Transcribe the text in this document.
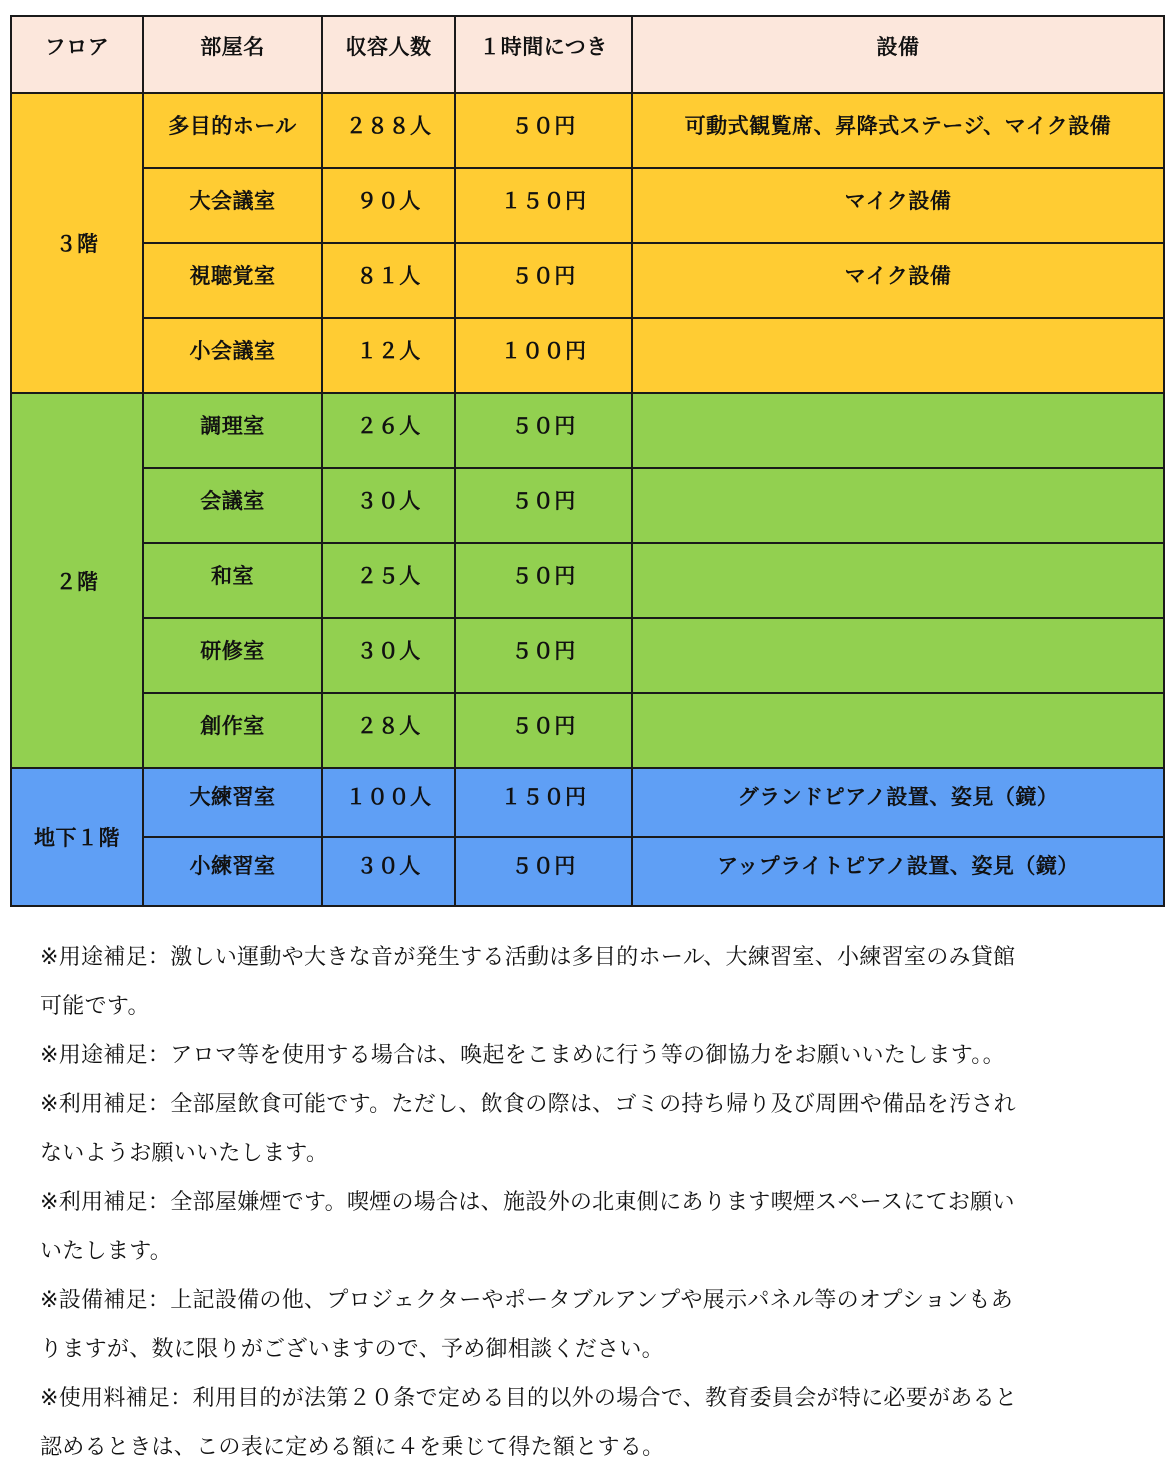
フロア	部屋名	収容人数	１時間につき	設備
３階	多目的ホール	２８８人	５０円	可動式観覧席、昇降式ステージ、マイク設備

	大会議室	９０人	１５０円	マイク設備

	視聴覚室	８１人	５０円	マイク設備

	小会議室	１２人	１００円	

２階	調理室	２６人	５０円	

	会議室	３０人	５０円	

	和室	２５人	５０円	

	研修室	３０人	５０円	

	創作室	２８人	５０円	

地下１階	大練習室	１００人	１５０円	グランドピアノ設置、姿見（鏡）

	小練習室	３０人	５０円	アップライトピアノ設置、姿見（鏡）
※用途補足：激しい運動や大きな音が発生する活動は多目的ホール、大練習室、小練習室のみ貸館
可能です。
※用途補足：アロマ等を使用する場合は、喚起をこまめに行う等の御協力をお願いいたします。。
※利用補足：全部屋飲食可能です。ただし、飲食の際は、ゴミの持ち帰り及び周囲や備品を汚され
ないようお願いいたします。
※利用補足：全部屋嫌煙です。喫煙の場合は、施設外の北東側にあります喫煙スペースにてお願い
いたします。
※設備補足：上記設備の他、プロジェクターやポータブルアンプや展示パネル等のオプションもあ
りますが、数に限りがございますので、予め御相談ください。
※使用料補足：利用目的が法第２０条で定める目的以外の場合で、教育委員会が特に必要があると
認めるときは、この表に定める額に４を乗じて得た額とする。
